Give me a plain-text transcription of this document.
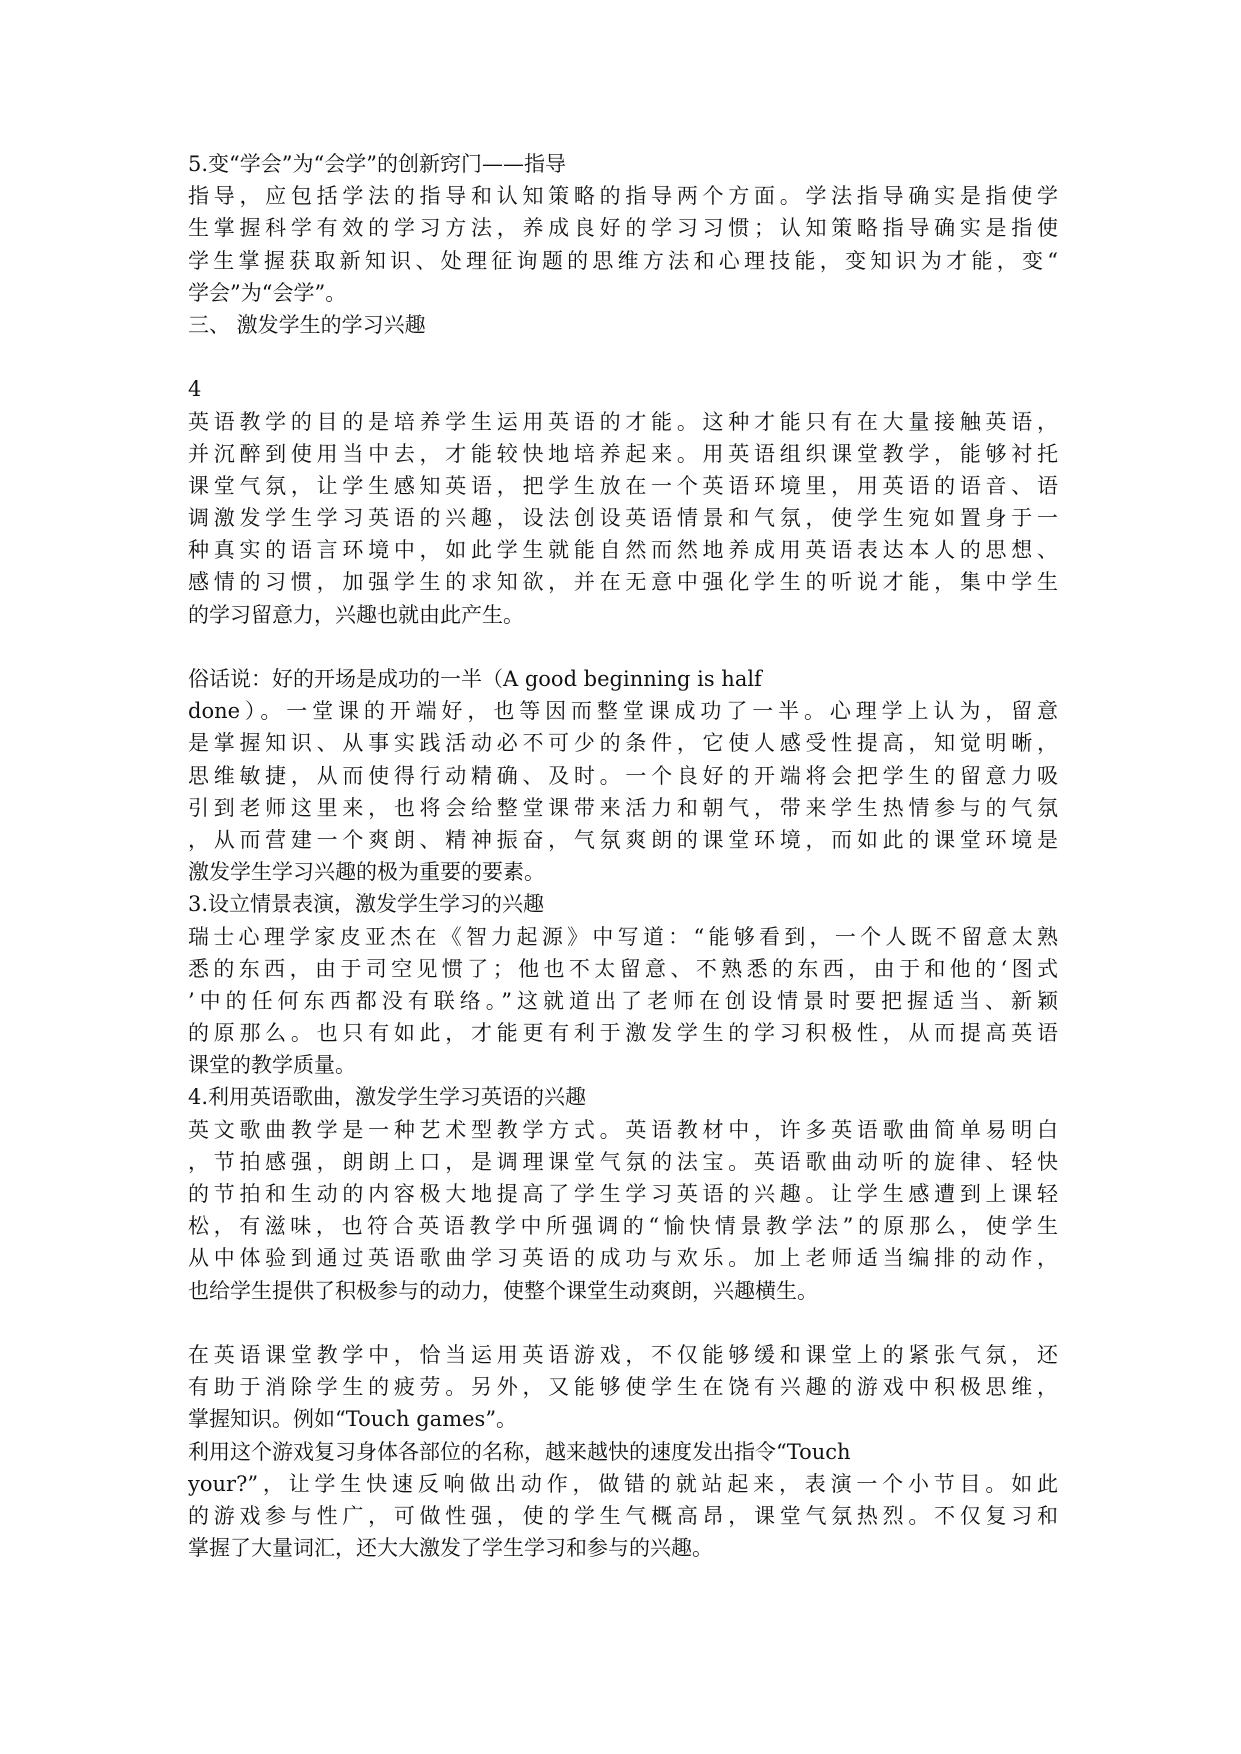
5.变“学会”为“会学”的创新窍门——指导
指导，应包括学法的指导和认知策略的指导两个方面。学法指导确实是指使学
生掌握科学有效的学习方法，养成良好的学习习惯；认知策略指导确实是指使
学生掌握获取新知识、处理征询题的思维方法和心理技能，变知识为才能，变“
学会”为“会学”。
三、 激发学生的学习兴趣
4
英语教学的目的是培养学生运用英语的才能。这种才能只有在大量接触英语，
并沉醉到使用当中去，才能较快地培养起来。用英语组织课堂教学，能够衬托
课堂气氛，让学生感知英语，把学生放在一个英语环境里，用英语的语音、语
调激发学生学习英语的兴趣，设法创设英语情景和气氛，使学生宛如置身于一
种真实的语言环境中，如此学生就能自然而然地养成用英语表达本人的思想、
感情的习惯，加强学生的求知欲，并在无意中强化学生的听说才能，集中学生
的学习留意力，兴趣也就由此产生。
俗话说：好的开场是成功的一半（A good beginning is half
done）。一堂课的开端好，也等因而整堂课成功了一半。心理学上认为，留意
是掌握知识、从事实践活动必不可少的条件，它使人感受性提高，知觉明晰，
思维敏捷，从而使得行动精确、及时。一个良好的开端将会把学生的留意力吸
引到老师这里来，也将会给整堂课带来活力和朝气，带来学生热情参与的气氛
，从而营建一个爽朗、精神振奋，气氛爽朗的课堂环境，而如此的课堂环境是
激发学生学习兴趣的极为重要的要素。
3.设立情景表演，激发学生学习的兴趣
瑞士心理学家皮亚杰在《智力起源》中写道：“能够看到，一个人既不留意太熟
悉的东西，由于司空见惯了；他也不太留意、不熟悉的东西，由于和他的‘图式
’中的任何东西都没有联络。”这就道出了老师在创设情景时要把握适当、新颖
的原那么。也只有如此，才能更有利于激发学生的学习积极性，从而提高英语
课堂的教学质量。
4.利用英语歌曲，激发学生学习英语的兴趣
英文歌曲教学是一种艺术型教学方式。英语教材中，许多英语歌曲简单易明白
，节拍感强，朗朗上口，是调理课堂气氛的法宝。英语歌曲动听的旋律、轻快
的节拍和生动的内容极大地提高了学生学习英语的兴趣。让学生感遭到上课轻
松，有滋味，也符合英语教学中所强调的“愉快情景教学法”的原那么，使学生
从中体验到通过英语歌曲学习英语的成功与欢乐。加上老师适当编排的动作，
也给学生提供了积极参与的动力，使整个课堂生动爽朗，兴趣横生。
在英语课堂教学中，恰当运用英语游戏，不仅能够缓和课堂上的紧张气氛，还
有助于消除学生的疲劳。另外，又能够使学生在饶有兴趣的游戏中积极思维，
掌握知识。例如“Touch games”。
利用这个游戏复习身体各部位的名称，越来越快的速度发出指令“Touch
your?”，让学生快速反响做出动作，做错的就站起来，表演一个小节目。如此
的游戏参与性广，可做性强，使的学生气概高昂，课堂气氛热烈。不仅复习和
掌握了大量词汇，还大大激发了学生学习和参与的兴趣。
